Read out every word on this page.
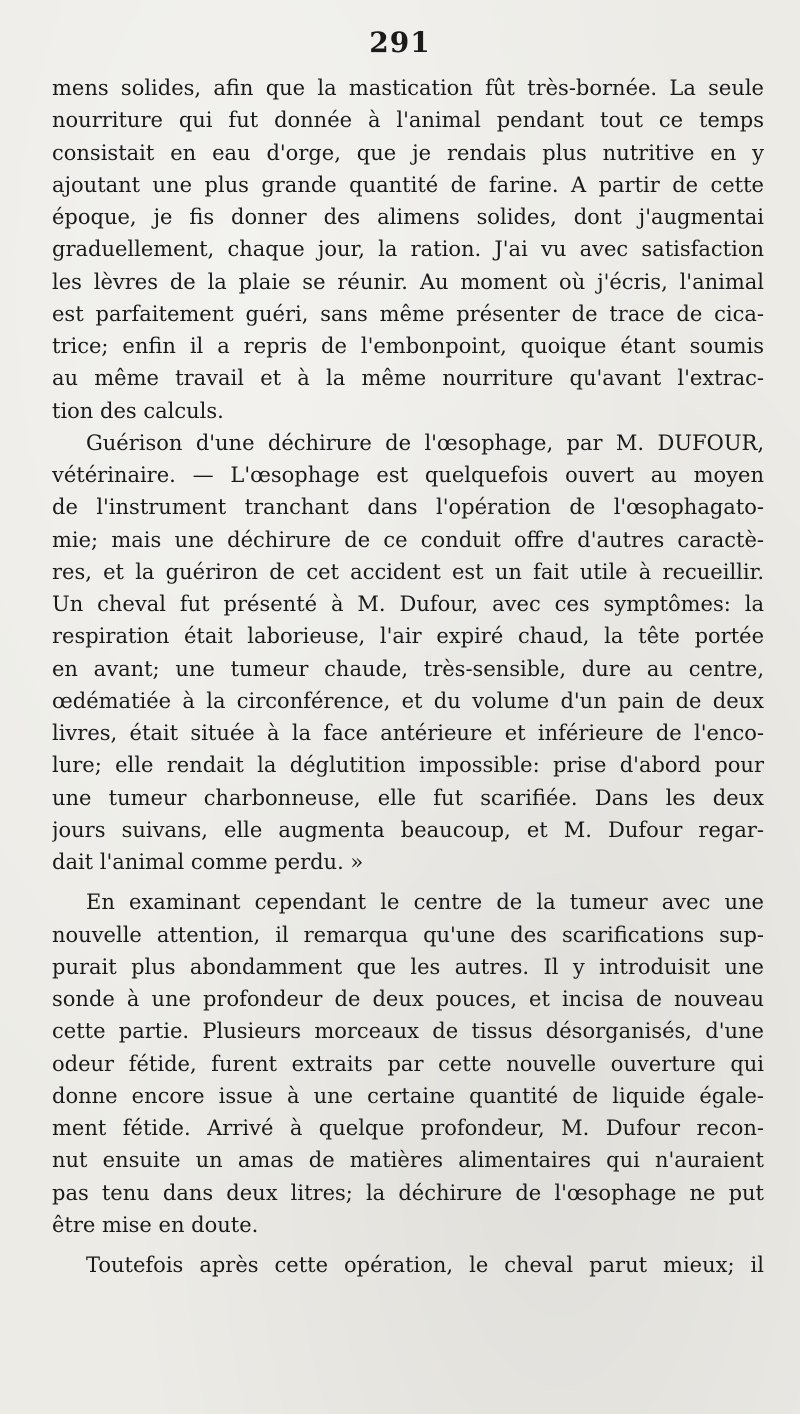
291
mens solides, afin que la mastication fût très-bornée. La seule
nourriture qui fut donnée à l'animal pendant tout ce temps
consistait en eau d'orge, que je rendais plus nutritive en y
ajoutant une plus grande quantité de farine. A partir de cette
époque, je fis donner des alimens solides, dont j'augmentai
graduellement, chaque jour, la ration. J'ai vu avec satisfaction
les lèvres de la plaie se réunir. Au moment où j'écris, l'animal
est parfaitement guéri, sans même présenter de trace de cica-
trice; enfin il a repris de l'embonpoint, quoique étant soumis
au même travail et à la même nourriture qu'avant l'extrac-
tion des calculs.
Guérison d'une déchirure de l'œsophage, par M. DUFOUR,
vétérinaire. — L'œsophage est quelquefois ouvert au moyen
de l'instrument tranchant dans l'opération de l'œsophagato-
mie; mais une déchirure de ce conduit offre d'autres caractè-
res, et la guériron de cet accident est un fait utile à recueillir.
Un cheval fut présenté à M. Dufour, avec ces symptômes: la
respiration était laborieuse, l'air expiré chaud, la tête portée
en avant; une tumeur chaude, très-sensible, dure au centre,
œdématiée à la circonférence, et du volume d'un pain de deux
livres, était située à la face antérieure et inférieure de l'enco-
lure; elle rendait la déglutition impossible: prise d'abord pour
une tumeur charbonneuse, elle fut scarifiée. Dans les deux
jours suivans, elle augmenta beaucoup, et M. Dufour regar-
dait l'animal comme perdu. »
En examinant cependant le centre de la tumeur avec une
nouvelle attention, il remarqua qu'une des scarifications sup-
purait plus abondamment que les autres. Il y introduisit une
sonde à une profondeur de deux pouces, et incisa de nouveau
cette partie. Plusieurs morceaux de tissus désorganisés, d'une
odeur fétide, furent extraits par cette nouvelle ouverture qui
donne encore issue à une certaine quantité de liquide égale-
ment fétide. Arrivé à quelque profondeur, M. Dufour recon-
nut ensuite un amas de matières alimentaires qui n'auraient
pas tenu dans deux litres; la déchirure de l'œsophage ne put
être mise en doute.
Toutefois après cette opération, le cheval parut mieux; il
